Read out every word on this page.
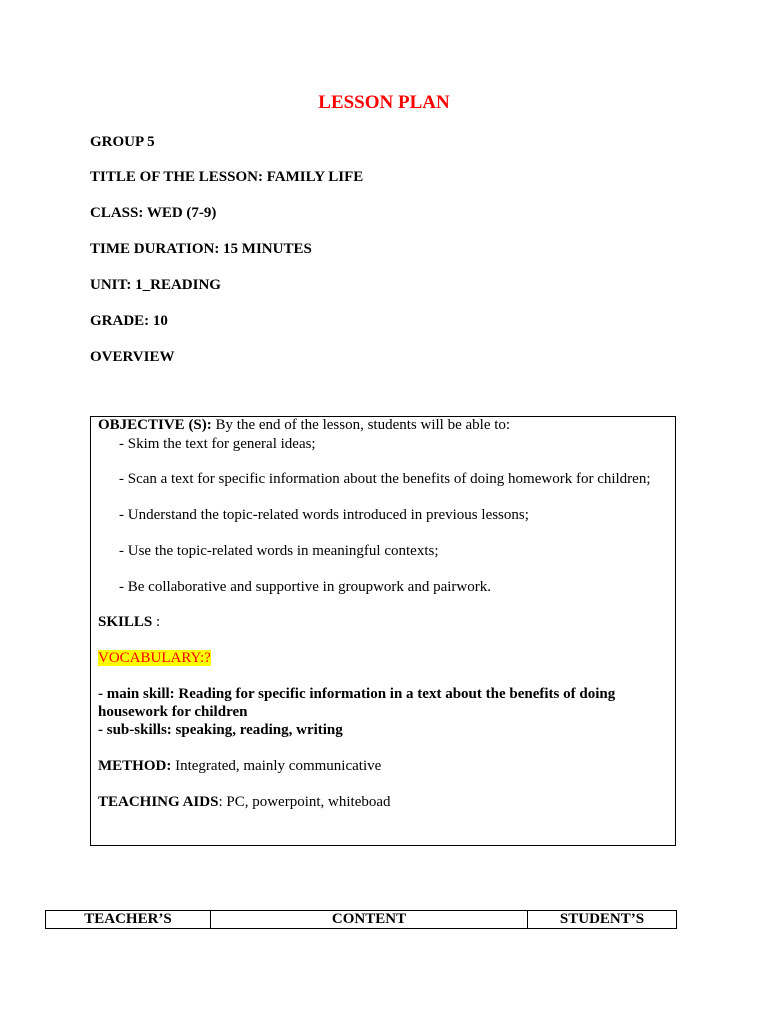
LESSON PLAN
GROUP 5
TITLE OF THE LESSON: FAMILY LIFE
CLASS: WED (7-9)
TIME DURATION: 15 MINUTES
UNIT: 1_READING
GRADE: 10
OVERVIEW
OBJECTIVE (S): By the end of the lesson, students will be able to:
- Skim the text for general ideas;
- Scan a text for specific information about the benefits of doing homework for children;
- Understand the topic-related words introduced in previous lessons;
- Use the topic-related words in meaningful contexts;
- Be collaborative and supportive in groupwork and pairwork.
SKILLS :
VOCABULARY:?
- main skill: Reading for specific information in a text about the benefits of doing
housework for children
- sub-skills: speaking, reading, writing
METHOD: Integrated, mainly communicative
TEACHING AIDS: PC, powerpoint, whiteboad
TEACHER’S	CONTENT	STUDENT’S
